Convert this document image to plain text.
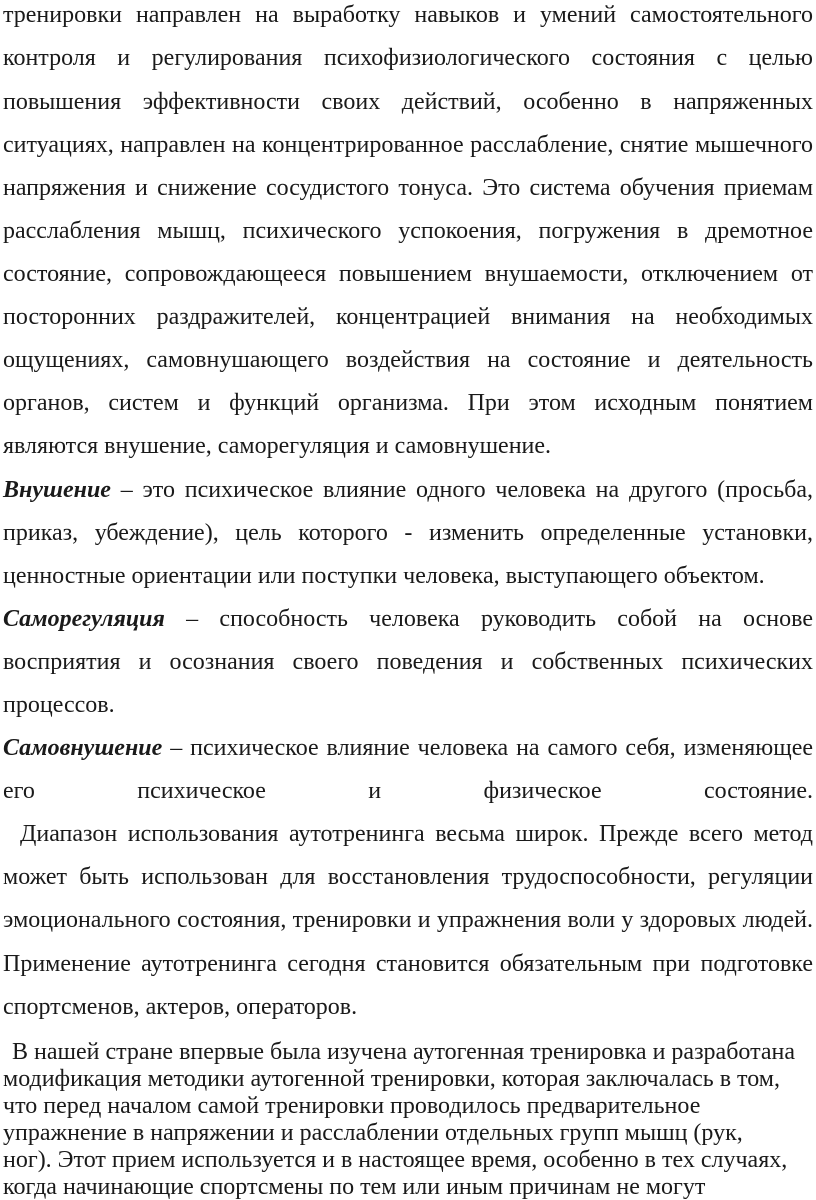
тренировки направлен на выработку навыков и умений самостоятельного
контроля и регулирования психофизиологического состояния с целью
повышения эффективности своих действий, особенно в напряженных
ситуациях, направлен на концентрированное расслабление, снятие мышечного
напряжения и снижение сосудистого тонуса. Это система обучения приемам
расслабления мышц, психического успокоения, погружения в дремотное
состояние, сопровождающееся повышением внушаемости, отключением от
посторонних раздражителей, концентрацией внимания на необходимых
ощущениях, самовнушающего воздействия на состояние и деятельность
органов, систем и функций организма. При этом исходным понятием
являются внушение, саморегуляция и самовнушение.
Внушение – это психическое влияние одного человека на другого (просьба,
приказ, убеждение), цель которого - изменить определенные установки,
ценностные ориентации или поступки человека, выступающего объектом.
Саморегуляция – способность человека руководить собой на основе
восприятия и осознания своего поведения и собственных психических
процессов.
Самовнушение – психическое влияние человека на самого себя, изменяющее
его психическое и физическое состояние.
Диапазон использования аутотренинга весьма широк. Прежде всего метод
может быть использован для восстановления трудоспособности, регуляции
эмоционального состояния, тренировки и упражнения воли у здоровых людей.
Применение аутотренинга сегодня становится обязательным при подготовке
спортсменов, актеров, операторов.
В нашей стране впервые была изучена аутогенная тренировка и разработана
модификация методики аутогенной тренировки, которая заключалась в том,
что перед началом самой тренировки проводилось предварительное
упражнение в напряжении и расслаблении отдельных групп мышц (рук,
ног). Этот прием используется и в настоящее время, особенно в тех случаях,
когда начинающие спортсмены по тем или иным причинам не могут
